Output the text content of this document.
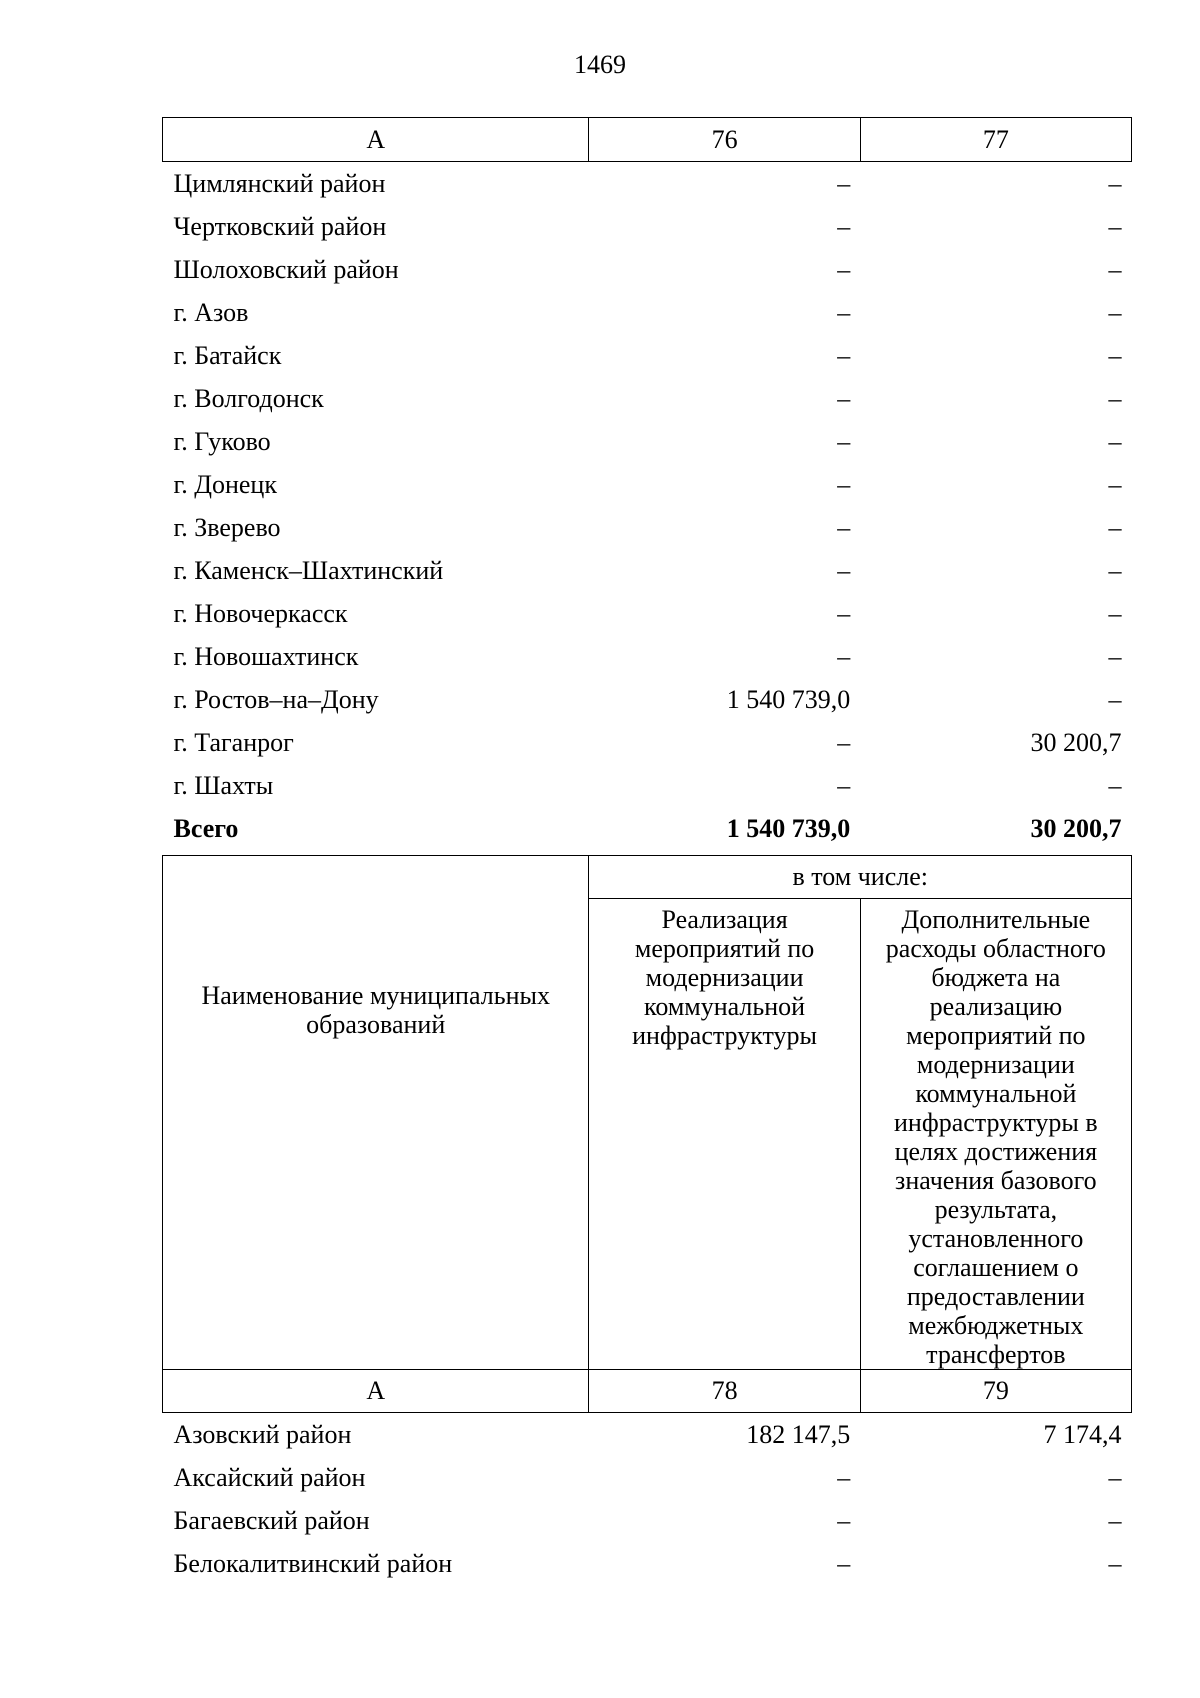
1469
А	76	77
Цимлянский район	–	–
Чертковский район	–	–
Шолоховский район	–	–
г. Азов	–	–
г. Батайск	–	–
г. Волгодонск	–	–
г. Гуково	–	–
г. Донецк	–	–
г. Зверево	–	–
г. Каменск–Шахтинский	–	–
г. Новочеркасск	–	–
г. Новошахтинск	–	–
г. Ростов–на–Дону	1 540 739,0	–
г. Таганрог	–	30 200,7
г. Шахты	–	–
Всего	1 540 739,0	30 200,7
Наименование муниципальных образований	в том числе:	
	Реализация мероприятий по модернизации коммунальной инфраструктуры	Дополнительные расходы областного бюджета на реализацию мероприятий по модернизации коммунальной инфраструктуры в целях достижения значения базового результата, установленного соглашением о предоставлении межбюджетных трансфертов
А	78	79
Азовский район	182 147,5	7 174,4
Аксайский район	–	–
Багаевский район	–	–
Белокалитвинский район	–	–
